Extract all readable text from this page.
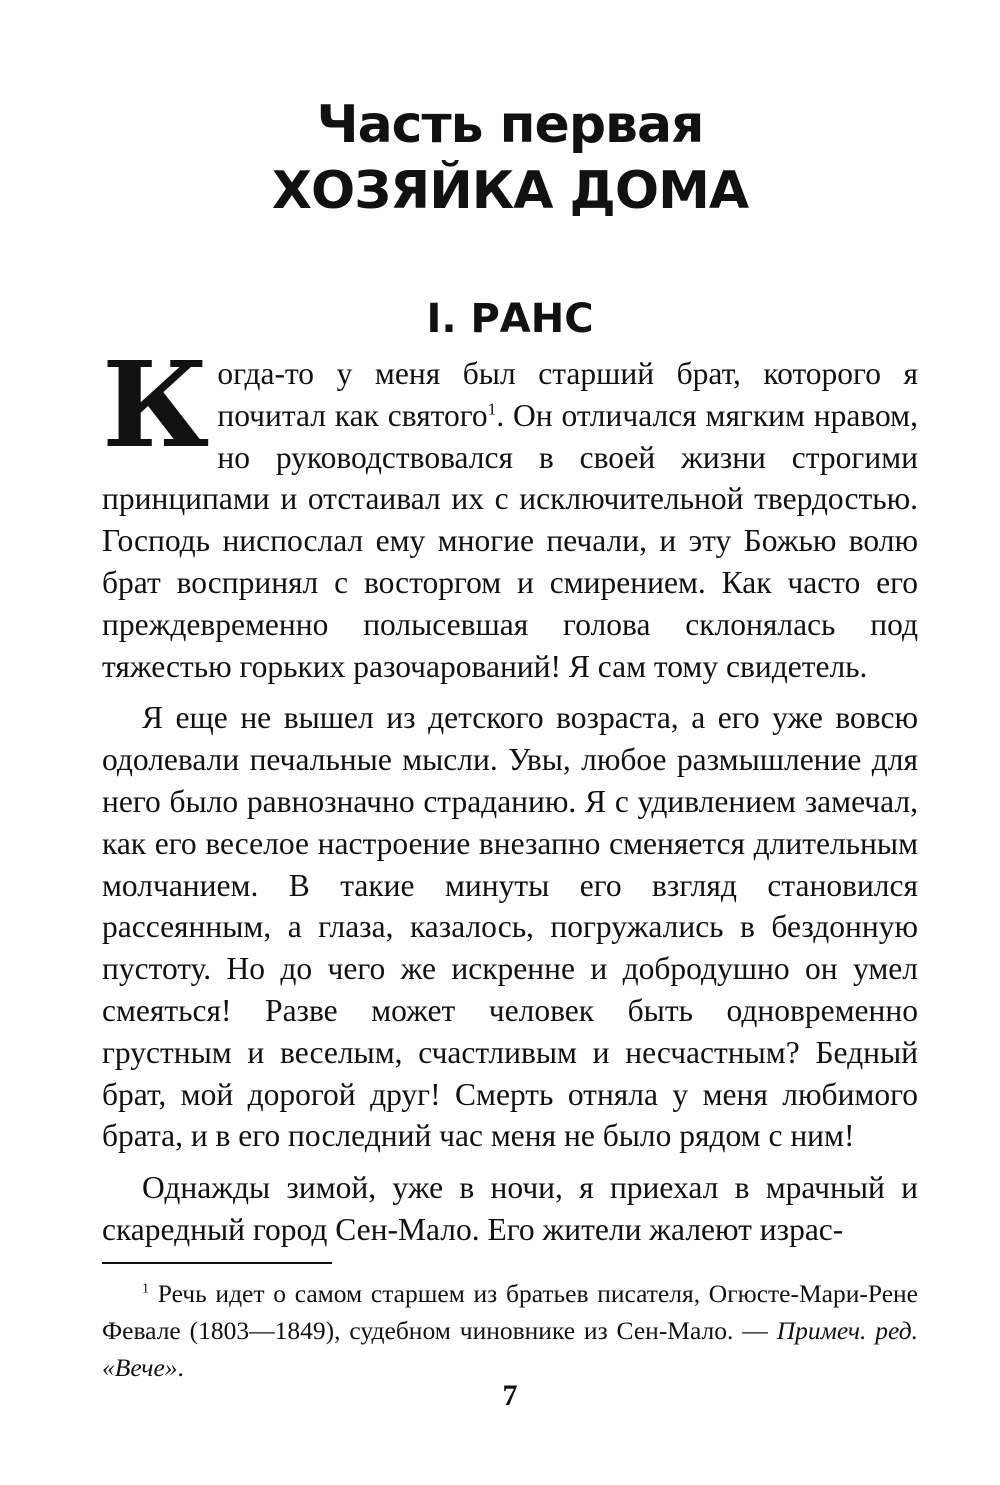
Часть первая
ХОЗЯЙКА ДОМА
I. РАНС

Когда-то у меня был старший брат, которого я почитал как святого$^1$. Он отличался мягким нравом, но руководствовался в своей жизни строгими принципами и отстаивал их с исключительной твердостью. Господь ниспослал ему многие печали, и эту Божью волю брат воспринял с восторгом и смирением. Как часто его преждевременно полысевшая голова склонялась под тяжестью горьких разочарований! Я сам тому свидетель.

Я еще не вышел из детского возраста, а его уже вовсю одолевали печальные мысли. Увы, любое размышление для него было равнозначно страданию. Я с удивлением замечал, как его веселое настроение внезапно сменяется длительным молчанием. В такие минуты его взгляд становился рассеянным, а глаза, казалось, погружались в бездонную пустоту. Но до чего же искренне и добродушно он умел смеяться! Разве может человек быть одновременно грустным и веселым, счастливым и несчастным? Бедный брат, мой дорогой друг! Смерть отняла у меня любимого брата, и в его последний час меня не было рядом с ним!

Однажды зимой, уже в ночи, я приехал в мрачный и скаредный город Сен-Мало. Его жители жалеют израс-

$^1$ Речь идет о самом старшем из братьев писателя, Огюсте-Мари-Рене Февале (1803—1849), судебном чиновнике из Сен-Мало. — Примеч. ред. «Вече».
7
